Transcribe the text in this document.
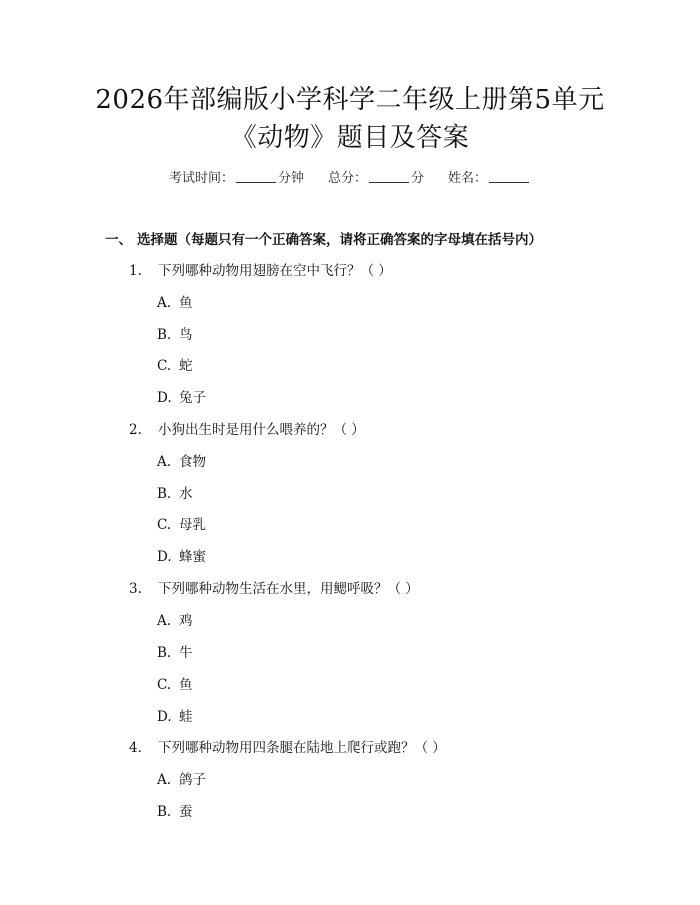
2026年部编版小学科学二年级上册第5单元
《动物》题目及答案
考试时间：	分钟 总分：	分 姓名：
一、 选择题（每题只有一个正确答案，请将正确答案的字母填在括号内）
1. 下列哪种动物用翅膀在空中飞行？（ ）
A. 鱼
B. 鸟
C. 蛇
D. 兔子
2. 小狗出生时是用什么喂养的？（ ）
A. 食物
B. 水
C. 母乳
D. 蜂蜜
3. 下列哪种动物生活在水里，用鳃呼吸？（ ）
A. 鸡
B. 牛
C. 鱼
D. 蛙
4. 下列哪种动物用四条腿在陆地上爬行或跑？（ ）
A. 鸽子
B. 蚕
